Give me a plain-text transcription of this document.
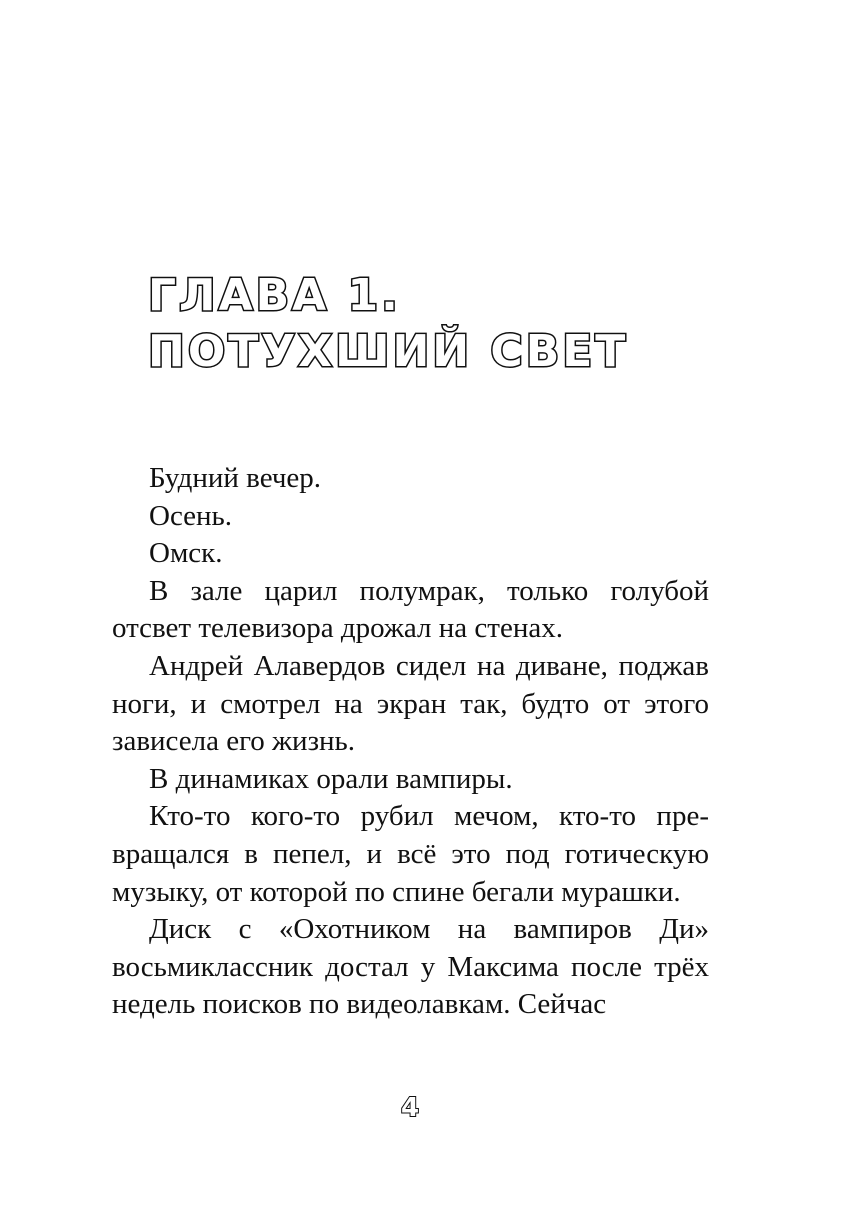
ГЛАВА 1.
ПОТУХШИЙ СВЕТ

Будний вечер.

Осень.

Омск.

В зале царил полумрак, только голубой отсвет телевизора дрожал на стенах.

Андрей Алавердов сидел на диване, поджав ноги, и смотрел на экран так, будто от этого зависела его жизнь.

В динамиках орали вампиры.

Кто-то кого-то рубил мечом, кто-то превращался в пепел, и всё это под готическую музыку, от которой по спине бегали мурашки.

Диск с «Охотником на вампиров Ди» восьмиклассник достал у Максима после трёх недель поисков по видеолавкам. Сейчас

4
